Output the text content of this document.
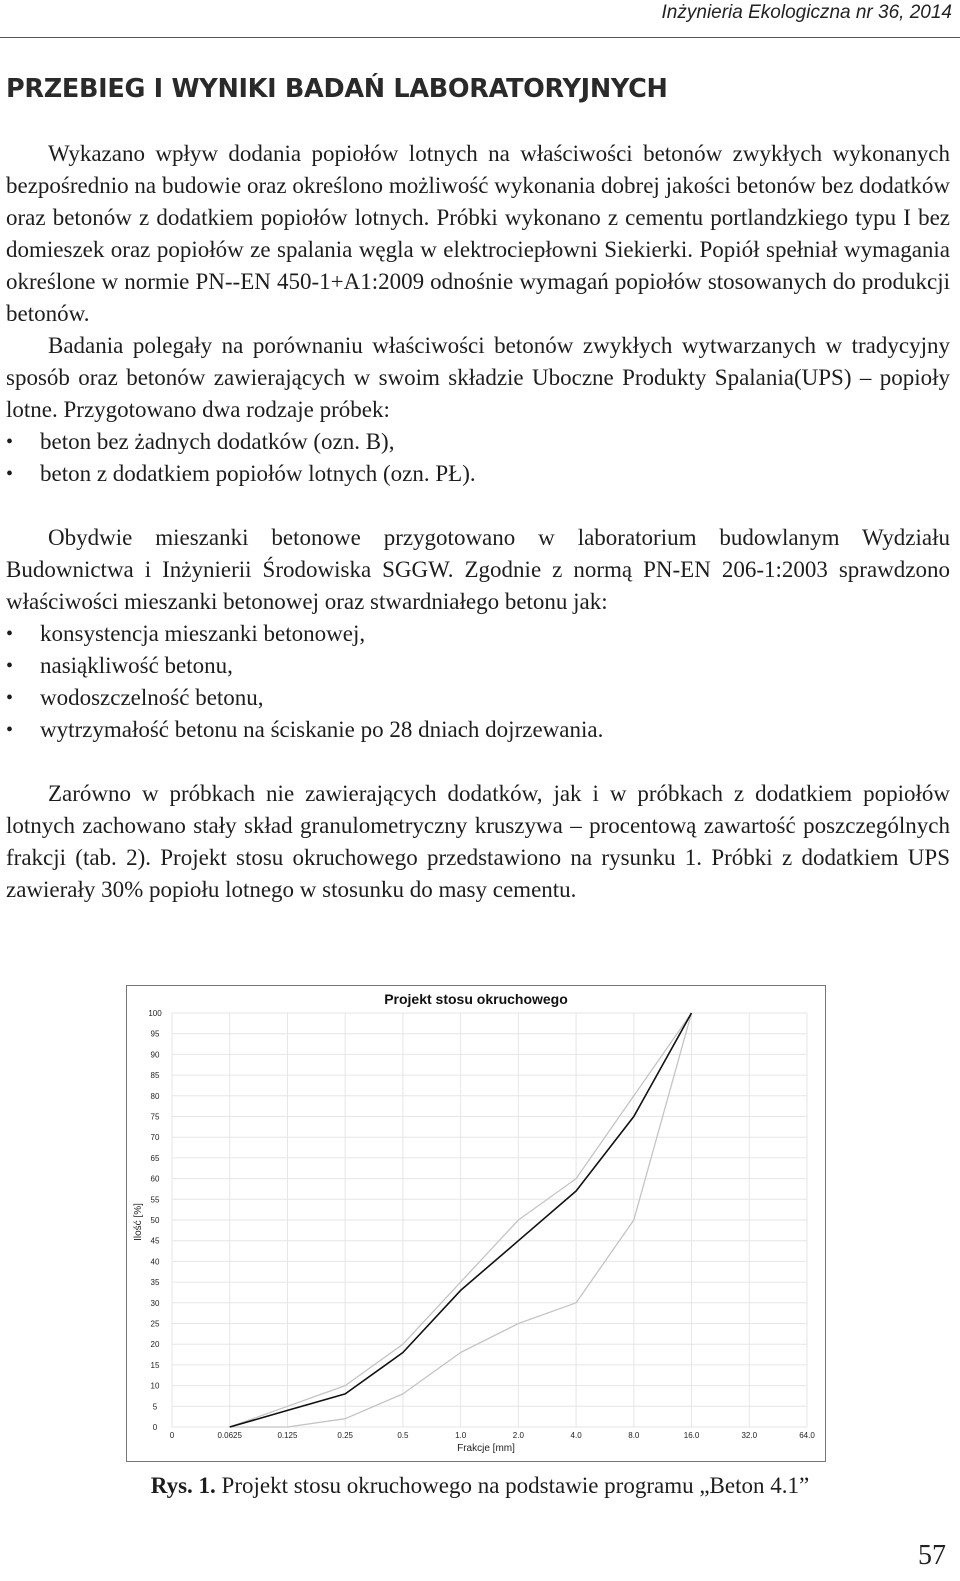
Inżynieria Ekologiczna nr 36, 2014
PRZEBIEG I WYNIKI BADAŃ LABORATORYJNYCH

Wykazano wpływ dodania popiołów lotnych na właściwości betonów zwykłych wykonanych bezpośrednio na budowie oraz określono możliwość wykonania dobrej jakości betonów bez dodatków oraz betonów z dodatkiem popiołów lotnych. Próbki wykonano z cementu portlandzkiego typu I bez domieszek oraz popiołów ze spalania węgla w elektrociepłowni Siekierki. Popiół spełniał wymagania określone w normie PN--EN 450-1+A1:2009 odnośnie wymagań popiołów stosowanych do produkcji betonów.

Badania polegały na porównaniu właściwości betonów zwykłych wytwarzanych w tradycyjny sposób oraz betonów zawierających w swoim składzie Uboczne Produkty Spalania(UPS) – popioły lotne. Przygotowano dwa rodzaje próbek:

• beton bez żadnych dodatków (ozn. B),
• beton z dodatkiem popiołów lotnych (ozn. PŁ).

Obydwie mieszanki betonowe przygotowano w laboratorium budowlanym Wydziału Budownictwa i Inżynierii Środowiska SGGW. Zgodnie z normą PN-EN 206-1:2003 sprawdzono właściwości mieszanki betonowej oraz stwardniałego betonu jak:

• konsystencja mieszanki betonowej,
• nasiąkliwość betonu,
• wodoszczelność betonu,
• wytrzymałość betonu na ściskanie po 28 dniach dojrzewania.

Zarówno w próbkach nie zawierających dodatków, jak i w próbkach z dodatkiem popiołów lotnych zachowano stały skład granulometryczny kruszywa – procentową zawartość poszczególnych frakcji (tab. 2). Projekt stosu okruchowego przedstawiono na rysunku 1. Próbki z dodatkiem UPS zawierały 30% popiołu lotnego w stosunku do masy cementu.

Projekt stosu okruchowego
0
5
10
15
20
25
30
35
40
45
50
55
60
65
70
75
80
85
90
95
100
0	0.0625	0.125	0.25	0.5	1.0	2.0	4.0	8.0	16.0	32.0	64.0
Frakcje [mm]
Ilość [%]
Rys. 1. Projekt stosu okruchowego na podstawie programu „Beton 4.1”
57
